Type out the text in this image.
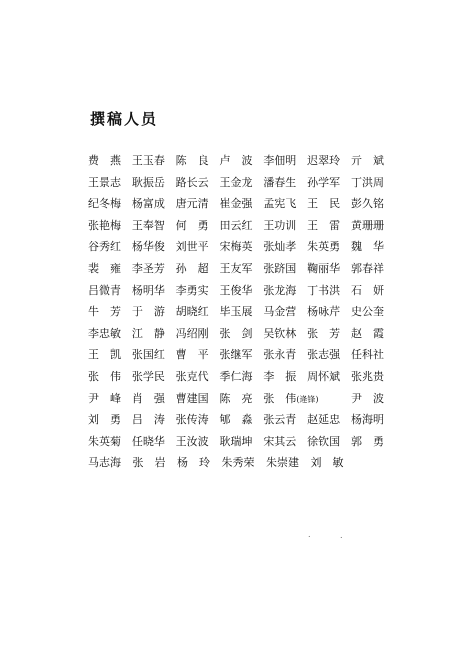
撰稿人员
费　燕 王玉春 陈　良 卢　波 李佃明 迟翠玲 亓　斌
王景志 耿振岳 路长云 王金龙 潘春生 孙学军 丁洪周
纪冬梅 杨富成 唐元清 崔金强 孟宪飞 王　民 彭久铭
张艳梅 王奉智 何　勇 田云红 王功训 王　雷 黄珊珊
谷秀红 杨华俊 刘世平 宋梅英 张灿孝 朱英勇 魏　华
裴　雍 李圣芳 孙　超 王友军 张跻国 鞠丽华 郭春祥
吕微青 杨明华 李勇实 王俊华 张龙海 丁书洪 石　妍
牛　芳 于　游 胡晓红 毕玉展 马金营 杨咏芹 史公奎
李忠敏 江　静 冯绍刚 张　剑 吴钦林 张　芳 赵　霞
王　凯 张国红 曹　平 张继军 张永青 张志强 任科社
张　伟 张学民 张克代 季仁海 李　振 周怀斌 张兆贵
尹　峰 肖　强 曹建国 陈　亮 张　伟(逄锋)	尹　波
刘　勇 吕　涛 张传涛 郇　淼 张云青 赵延忠 杨海明
朱英菊 任晓华 王汝波 耿瑞坤 宋其云 徐钦国 郭　勇
马志海	张　岩	杨　玲	朱秀荣	朱崇建	刘　敏
.	.
